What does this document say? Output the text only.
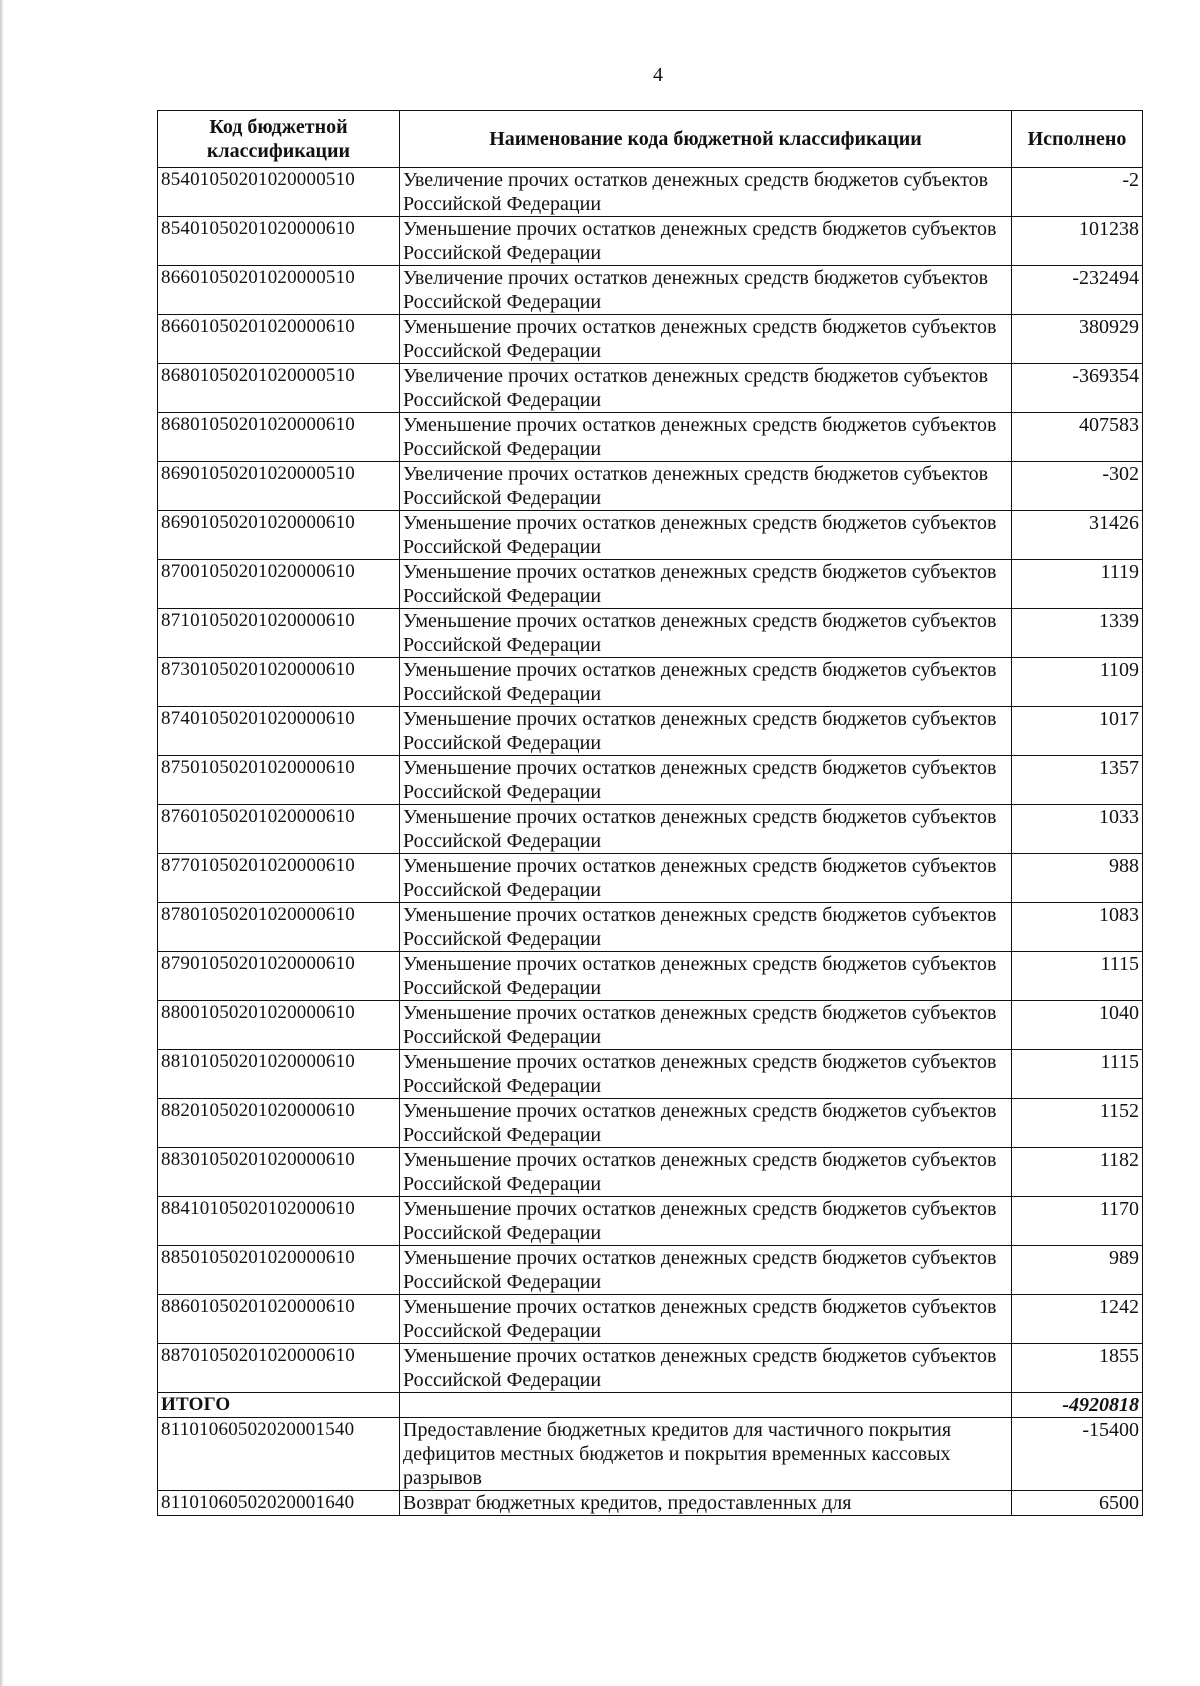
4
Код бюджетной классификации	Наименование кода бюджетной классификации	Исполнено
85401050201020000510	Увеличение прочих остатков денежных средств бюджетов субъектов Российской Федерации	-2
85401050201020000610	Уменьшение прочих остатков денежных средств бюджетов субъектов Российской Федерации	101238
86601050201020000510	Увеличение прочих остатков денежных средств бюджетов субъектов Российской Федерации	-232494
86601050201020000610	Уменьшение прочих остатков денежных средств бюджетов субъектов Российской Федерации	380929
86801050201020000510	Увеличение прочих остатков денежных средств бюджетов субъектов Российской Федерации	-369354
86801050201020000610	Уменьшение прочих остатков денежных средств бюджетов субъектов Российской Федерации	407583
86901050201020000510	Увеличение прочих остатков денежных средств бюджетов субъектов Российской Федерации	-302
86901050201020000610	Уменьшение прочих остатков денежных средств бюджетов субъектов Российской Федерации	31426
87001050201020000610	Уменьшение прочих остатков денежных средств бюджетов субъектов Российской Федерации	1119
87101050201020000610	Уменьшение прочих остатков денежных средств бюджетов субъектов Российской Федерации	1339
87301050201020000610	Уменьшение прочих остатков денежных средств бюджетов субъектов Российской Федерации	1109
87401050201020000610	Уменьшение прочих остатков денежных средств бюджетов субъектов Российской Федерации	1017
87501050201020000610	Уменьшение прочих остатков денежных средств бюджетов субъектов Российской Федерации	1357
87601050201020000610	Уменьшение прочих остатков денежных средств бюджетов субъектов Российской Федерации	1033
87701050201020000610	Уменьшение прочих остатков денежных средств бюджетов субъектов Российской Федерации	988
87801050201020000610	Уменьшение прочих остатков денежных средств бюджетов субъектов Российской Федерации	1083
87901050201020000610	Уменьшение прочих остатков денежных средств бюджетов субъектов Российской Федерации	1115
88001050201020000610	Уменьшение прочих остатков денежных средств бюджетов субъектов Российской Федерации	1040
88101050201020000610	Уменьшение прочих остатков денежных средств бюджетов субъектов Российской Федерации	1115
88201050201020000610	Уменьшение прочих остатков денежных средств бюджетов субъектов Российской Федерации	1152
88301050201020000610	Уменьшение прочих остатков денежных средств бюджетов субъектов Российской Федерации	1182
88410105020102000610	Уменьшение прочих остатков денежных средств бюджетов субъектов Российской Федерации	1170
88501050201020000610	Уменьшение прочих остатков денежных средств бюджетов субъектов Российской Федерации	989
88601050201020000610	Уменьшение прочих остатков денежных средств бюджетов субъектов Российской Федерации	1242
88701050201020000610	Уменьшение прочих остатков денежных средств бюджетов субъектов Российской Федерации	1855
ИТОГО		-4920818
81101060502020001540	Предоставление бюджетных кредитов для частичного покрытия дефицитов местных бюджетов и покрытия временных кассовых разрывов	-15400
81101060502020001640	Возврат бюджетных кредитов, предоставленных для	6500
